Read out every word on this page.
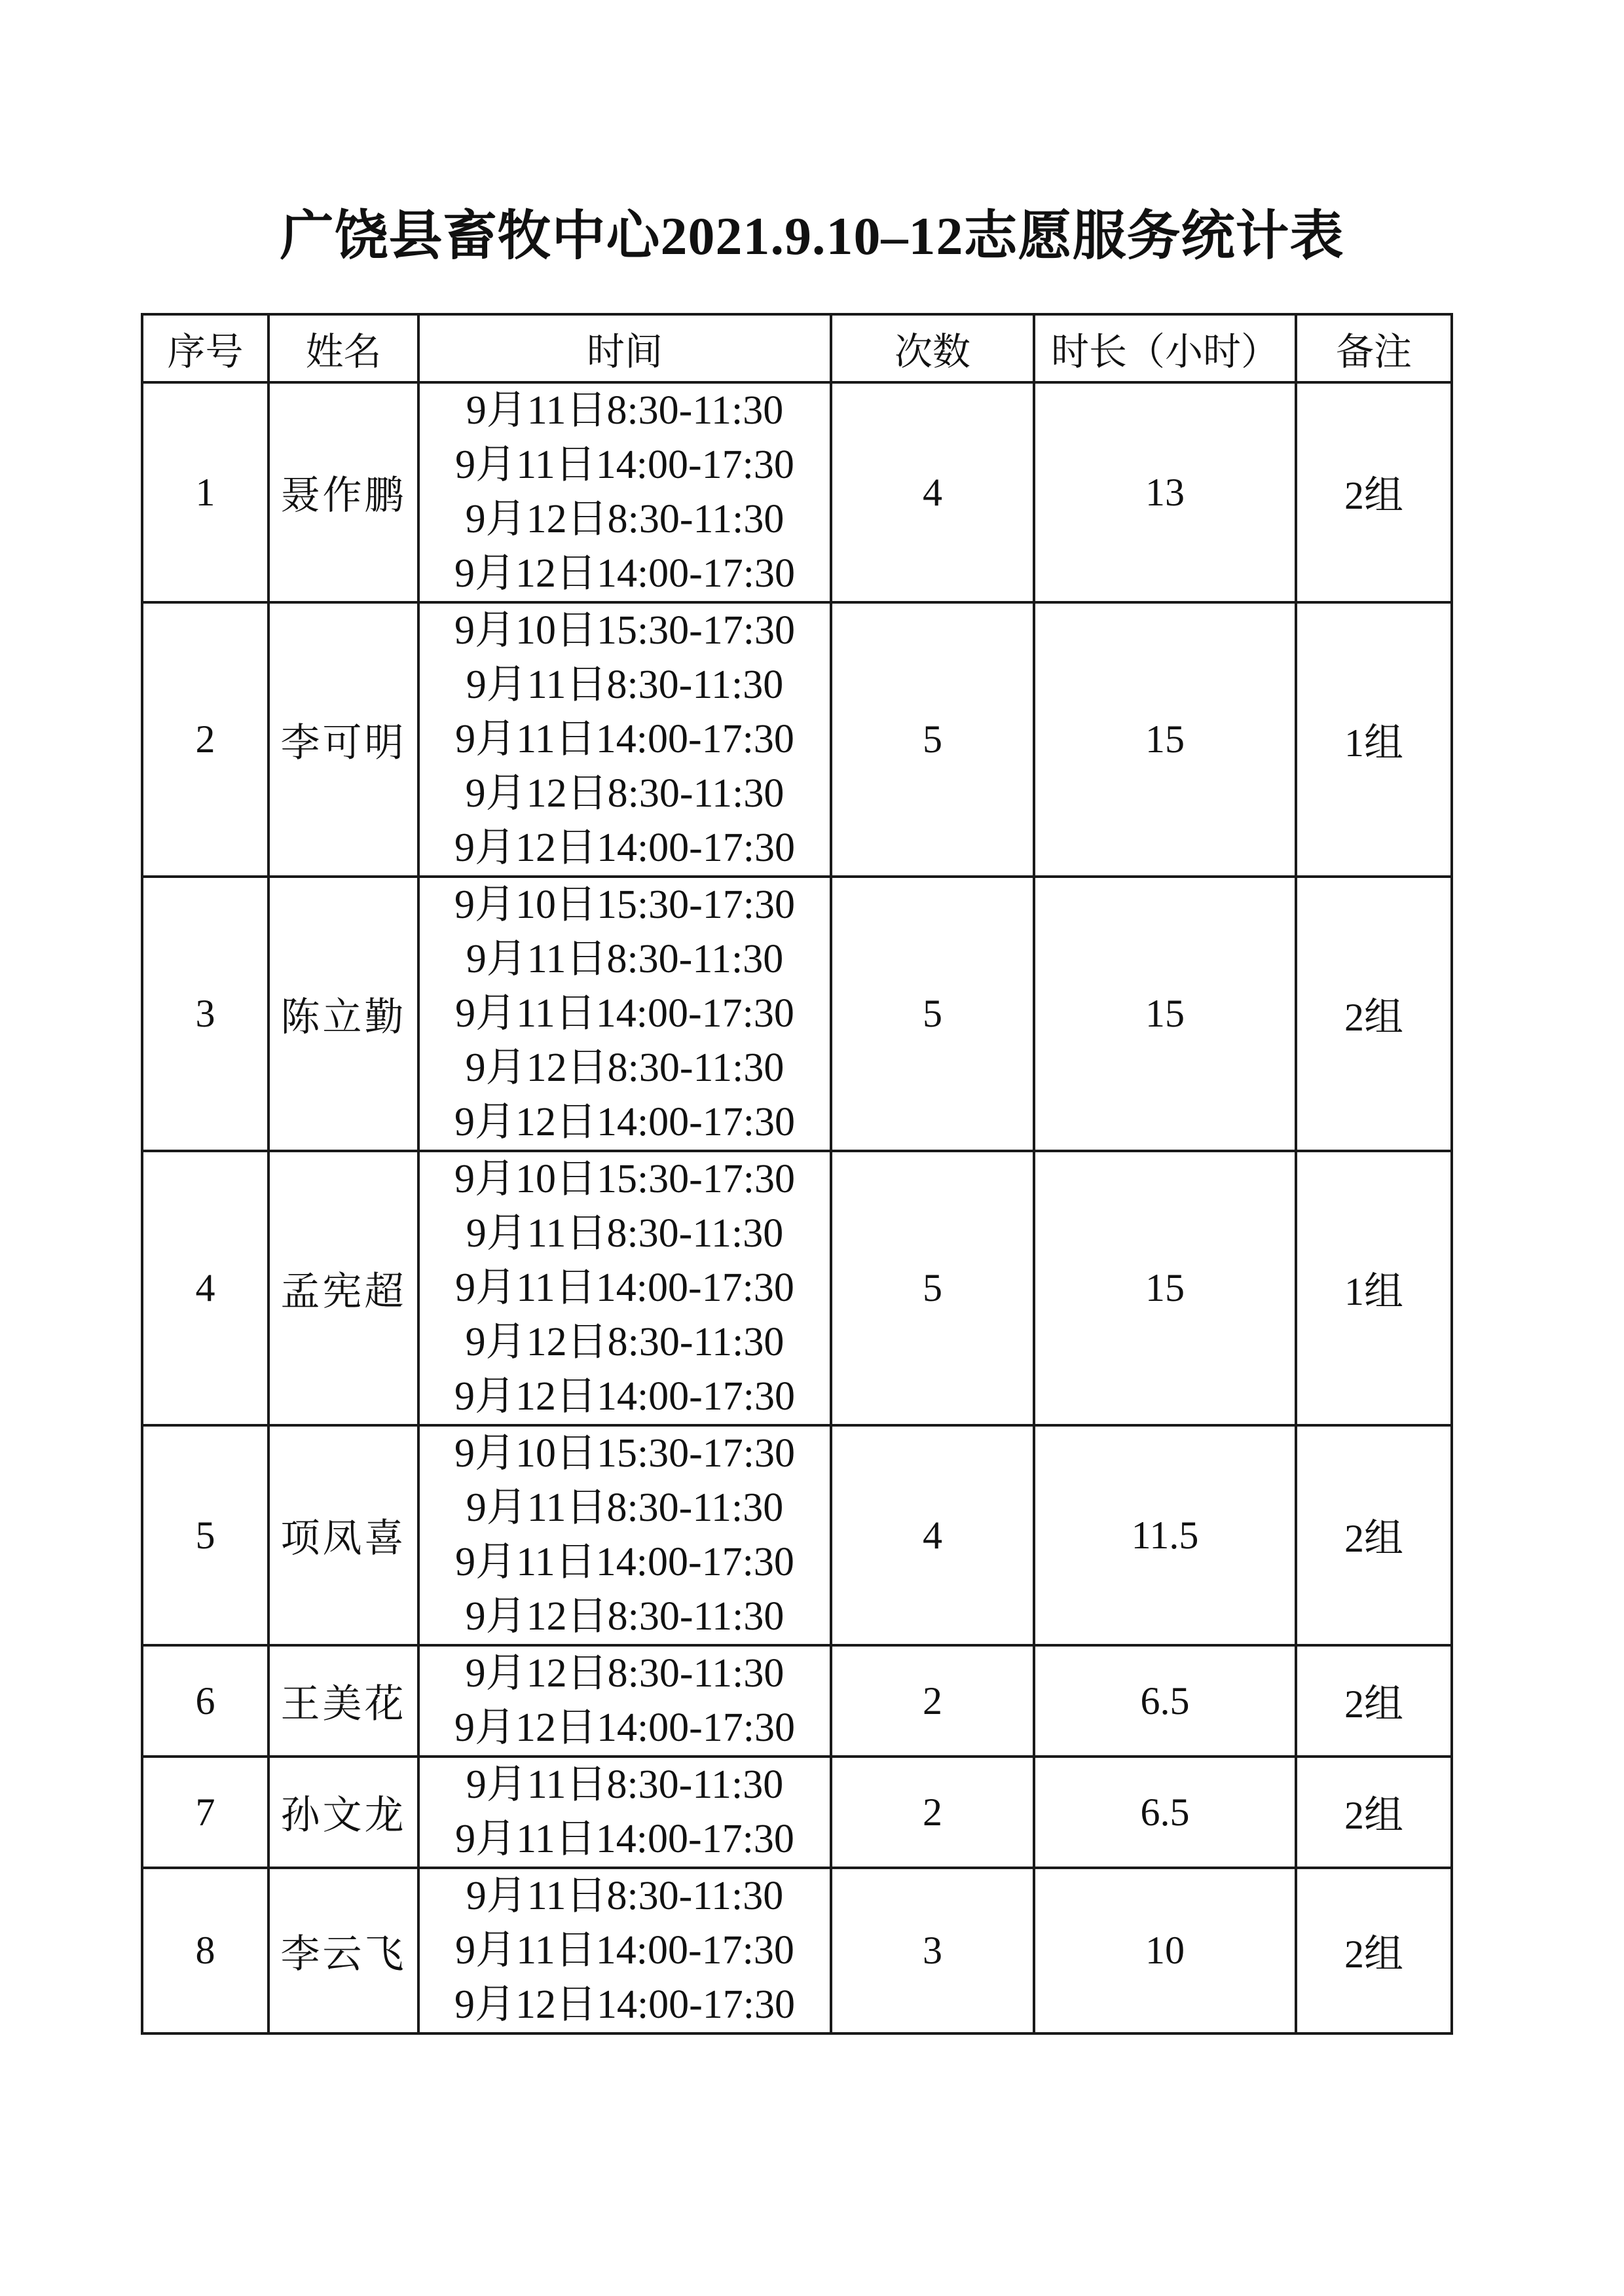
广饶县畜牧中心2021.9.10–12志愿服务统计表
序号	姓名	时间	次数	时长（小时）	备注
1	聂作鹏	9月11日8:30-11:30
9月11日14:00-17:30
9月12日8:30-11:30
9月12日14:00-17:30	4	13	2组
2	李可明	9月10日15:30-17:30
9月11日8:30-11:30
9月11日14:00-17:30
9月12日8:30-11:30
9月12日14:00-17:30	5	15	1组
3	陈立勤	9月10日15:30-17:30
9月11日8:30-11:30
9月11日14:00-17:30
9月12日8:30-11:30
9月12日14:00-17:30	5	15	2组
4	孟宪超	9月10日15:30-17:30
9月11日8:30-11:30
9月11日14:00-17:30
9月12日8:30-11:30
9月12日14:00-17:30	5	15	1组
5	项凤喜	9月10日15:30-17:30
9月11日8:30-11:30
9月11日14:00-17:30
9月12日8:30-11:30	4	11.5	2组
6	王美花	9月12日8:30-11:30
9月12日14:00-17:30	2	6.5	2组
7	孙文龙	9月11日8:30-11:30
9月11日14:00-17:30	2	6.5	2组
8	李云飞	9月11日8:30-11:30
9月11日14:00-17:30
9月12日14:00-17:30	3	10	2组
